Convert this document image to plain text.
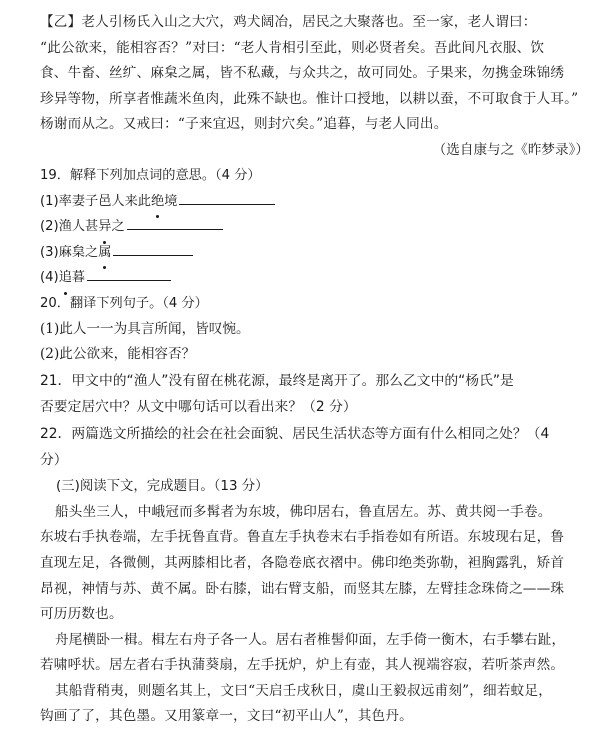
【乙】老人引杨氏入山之大穴，鸡犬阔冶，居民之大聚落也。至一家，老人谓曰：

“此公欲来，能相容否？”对曰：“老人肯相引至此，则必贤者矣。吾此间凡衣服、饮

食、牛畜、丝纩、麻枲之属，皆不私藏，与众共之，故可同处。子果来，勿携金珠锦绣

珍异等物，所享者惟蔬米鱼肉，此殊不缺也。惟计口授地，以耕以蚕，不可取食于人耳。”

杨谢而从之。又戒曰：“子来宜迟，则封穴矣。”追暮，与老人同出。

（选自康与之《昨梦录》）

19．解释下列加点词的意思。（4 分）

(1)率妻子邑人来此绝境

(2)渔人甚异之

(3)麻枲之属

(4)追暮

20．翻译下列句子。（4 分）

(1)此人一一为具言所闻，皆叹惋。

(2)此公欲来，能相容否？

21．甲文中的“渔人”没有留在桃花源，最终是离开了。那么乙文中的“杨氏”是

否要定居穴中？从文中哪句话可以看出来？（2 分）

22．两篇选文所描绘的社会在社会面貌、居民生活状态等方面有什么相同之处？（4

分）

(三)阅读下文，完成题目。（13 分）

船头坐三人，中峨冠而多髯者为东坡，佛印居右，鲁直居左。苏、黄共阅一手卷。

东坡右手执卷端，左手抚鲁直背。鲁直左手执卷末右手指卷如有所语。东坡现右足，鲁

直现左足，各微侧，其两膝相比者，各隐卷底衣褶中。佛印绝类弥勒，袒胸露乳，矫首

昂视，神情与苏、黄不属。卧右膝，诎右臂支船，而竖其左膝，左臂挂念珠倚之——珠

可历历数也。

舟尾横卧一楫。楫左右舟子各一人。居右者椎髻仰面，左手倚一衡木，右手攀右趾，

若啸呼状。居左者右手执蒲葵扇，左手抚炉，炉上有壶，其人视端容寂，若听茶声然。

其船背稍夷，则题名其上，文曰“天启壬戌秋日，虞山王毅叔远甫刻”，细若蚊足，

钩画了了，其色墨。又用篆章一，文曰“初平山人”，其色丹。
